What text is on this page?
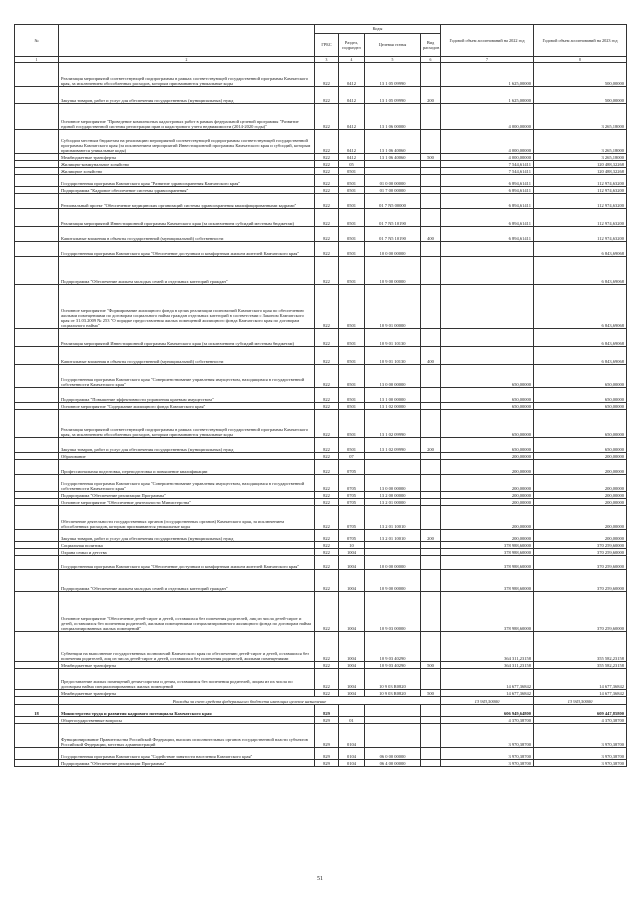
№		Коды				Годовой объем ассигнований на 2022 год	Годовой объем ассигнований на 2023 год
		ГРБС	Раздел, подраздел	Целевая статья	Вид расходов		
1	2	3	4	5	6	7	8
	Реализация мероприятий соответствующей подпрограммы в рамках соответствующей государственной программы Камчатского края, за исключением обособленных расходов, которым присваиваются уникальные коды	822	0412	13 1 05 09990		1 625,00000	500,00000
	Закупка товаров, работ и услуг для обеспечения государственных (муниципальных) нужд	822	0412	13 1 05 09990	200	1 625,00000	500,00000
	Основное мероприятие "Проведение комплексных кадастровых работ в рамках федеральной целевой программы "Развитие единой государственной системы регистрации прав и кадастрового учета недвижимости (2014-2020 годы)"	822	0412	13 1 06 00000		4 000,00000	3 265,18000
	Субсидии местным бюджетам на реализацию мероприятий соответствующей подпрограммы соответствующей государственной программы Камчатского края (за исключением мероприятий Инвестиционной программы Камчатского края и субсидий, которым присваиваются уникальные коды)	822	0412	13 1 06 40060		4 000,00000	3 265,18000
	Межбюджетные трансферты	822	0412	13 1 06 40060	500	4 000,00000	3 265,18000
	Жилищно-коммунальное хозяйство	822	05			7 544,61411	120 488,32268
	Жилищное хозяйство	822	0501			7 544,61411	120 488,32268
	Государственная программа Камчатского края "Развитие здравоохранения Камчатского края"	822	0501	01 0 00 00000		6 894,61411	112 974,63200
	Подпрограмма "Кадровое обеспечение системы здравоохранения"	822	0501	01 7 00 00000		6 894,61411	112 974,63200
	Региональный проект "Обеспечение медицинских организаций системы здравоохранения квалифицированными кадрами"	822	0501	01 7 N5 00000		6 894,61411	112 974,63200
	Реализация мероприятий Инвестиционной программы Камчатского края (за исключением субсидий местным бюджетам)	822	0501	01 7 N5 10190		6 894,61411	112 974,63200
	Капитальные вложения в объекты государственной (муниципальной) собственности	822	0501	01 7 N5 10190	400	6 894,61411	112 974,63200
	Государственная программа Камчатского края "Обеспечение доступным и комфортным жильем жителей Камчатского края"	822	0501	10 0 00 00000			6 843,69068
	Подпрограмма "Обеспечение жильем молодых семей и отдельных категорий граждан"	822	0501	10 9 00 00000			6 843,69068
	Основное мероприятие "Формирование жилищного фонда в целях реализации полномочий Камчатского края по обеспечению жилыми помещениями по договорам социального найма граждан отдельных категорий в соответствии с Законом Камчатского края от 31.03.2009 № 253 "О порядке предоставления жилых помещений жилищного фонда Камчатского края по договорам социального найма"	822	0501	10 9 01 00000			6 843,69068
	Реализация мероприятий Инвестиционной программы Камчатского края (за исключением субсидий местным бюджетам)	822	0501	10 9 01 10130			6 843,69068
	Капитальные вложения в объекты государственной (муниципальной) собственности	822	0501	10 9 01 10130	400		6 843,69068
	Государственная программа Камчатского края "Совершенствование управления имуществом, находящимся в государственной собственности Камчатского края"	822	0501	13 0 00 00000		650,00000	650,00000
	Подпрограмма "Повышение эффективности управления краевым имуществом"	822	0501	13 1 00 00000		650,00000	650,00000
	Основное мероприятие "Содержание жилищного фонда Камчатского края"	822	0501	13 1 02 00000		650,00000	650,00000
	Реализация мероприятий соответствующей подпрограммы в рамках соответствующей государственной программы Камчатского края, за исключением обособленных расходов, которым присваиваются уникальные коды	822	0501	13 1 02 09990		650,00000	650,00000
	Закупка товаров, работ и услуг для обеспечения государственных (муниципальных) нужд	822	0501	13 1 02 09990	200	650,00000	650,00000
	Образование	822	07			200,00000	200,00000
	Профессиональная подготовка, переподготовка и повышение квалификации	822	0705			200,00000	200,00000
	Государственная программа Камчатского края "Совершенствование управления имуществом, находящимся в государственной собственности Камчатского края"	822	0705	13 0 00 00000		200,00000	200,00000
	Подпрограмма "Обеспечение реализации Программы"	822	0705	13 2 00 00000		200,00000	200,00000
	Основное мероприятие "Обеспечение деятельности Министерства"	822	0705	13 2 01 00000		200,00000	200,00000
	Обеспечение деятельности государственных органов (государственных органов) Камчатского края, за исключением обособленных расходов, которым присваиваются уникальные коды	822	0705	13 2 01 10010		200,00000	200,00000
	Закупка товаров, работ и услуг для обеспечения государственных (муниципальных) нужд	822	0705	13 2 01 10010	200	200,00000	200,00000
	Социальная политика	822	10			378 988,60000	370 259,60000
	Охрана семьи и детства	822	1004			378 988,60000	370 259,60000
	Государственная программа Камчатского края "Обеспечение доступным и комфортным жильем жителей Камчатского края"	822	1004	10 0 00 00000		378 988,60000	370 259,60000
	Подпрограмма "Обеспечение жильем молодых семей и отдельных категорий граждан"	822	1004	10 9 00 00000		378 988,60000	370 259,60000
	Основное мероприятие "Обеспечение детей-сирот и детей, оставшихся без попечения родителей, лиц из числа детей-сирот и детей, оставшихся без попечения родителей, жилыми помещениями специализированного жилищного фонда по договорам найма специализированных жилых помещений"	822	1004	10 9 03 00000		378 988,60000	370 259,60000
	Субвенции на выполнение государственных полномочий Камчатского края по обеспечению детей-сирот и детей, оставшихся без попечения родителей, лиц из числа детей-сирот и детей, оставшихся без попечения родителей, жилыми помещениями	822	1004	10 9 03 40290		364 311,23158	355 582,23158
	Межбюджетные трансферты	822	1004	10 9 03 40290	500	364 311,23158	355 582,23158
	Предоставление жилых помещений детям-сиротам и детям, оставшимся без попечения родителей, лицам из их числа по договорам найма специализированных жилых помещений	822	1004	10 9 03 R0820		14 677,36842	14 677,36842
	Межбюджетные трансферты	822	1004	10 9 03 R0820	500	14 677,36842	14 677,36842
	Расходы за счет средств федерального бюджета имеющих целевое назначение					13 943,50000	13 943,50000
18	Министерство труда и развития кадрового потенциала Камчатского края	829				606 949,64800	609 447,85800
	Общегосударственные вопросы	829	01			4 370,38700	4 370,38700
	Функционирование Правительства Российской Федерации, высших исполнительных органов государственной власти субъектов Российской Федерации, местных администраций	829	0104			3 970,38700	3 970,38700
	Государственная программа Камчатского края "Содействие занятости населения Камчатского края"	829	0104	06 0 00 00000		3 970,38700	3 970,38700
	Подпрограмма "Обеспечение реализации Программы"	829	0104	06 4 00 00000		3 970,38700	3 970,38700
51
